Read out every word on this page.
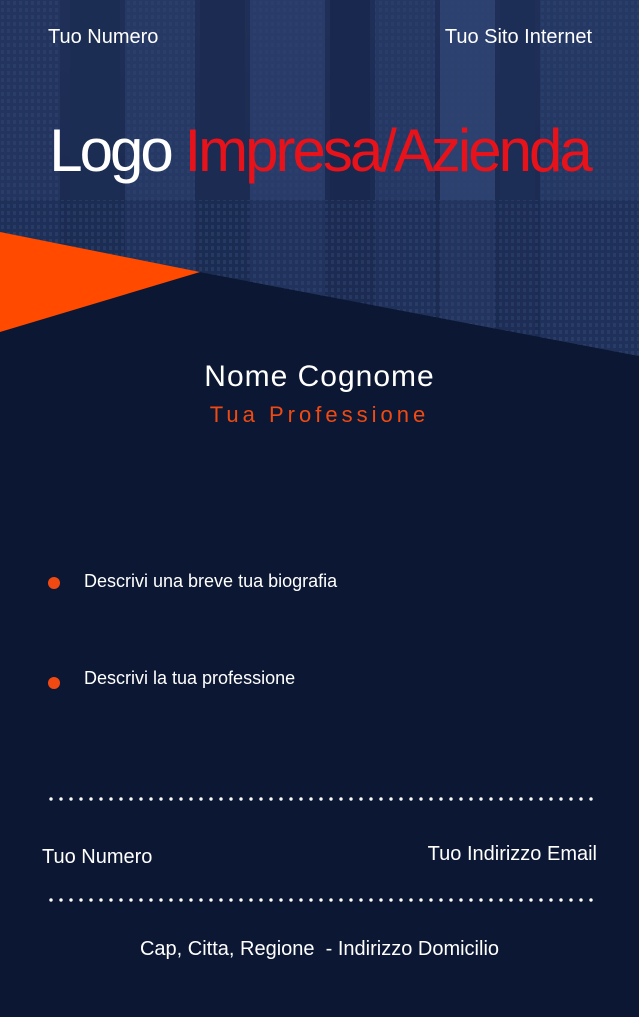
Tuo Numero	Tuo Sito Internet
Logo Impresa/Azienda
Nome Cognome
Tua Professione
Descrivi una breve tua biografia
Descrivi la tua professione
Tuo Numero	Tuo Indirizzo Email
Cap, Citta, Regione  - Indirizzo Domicilio
